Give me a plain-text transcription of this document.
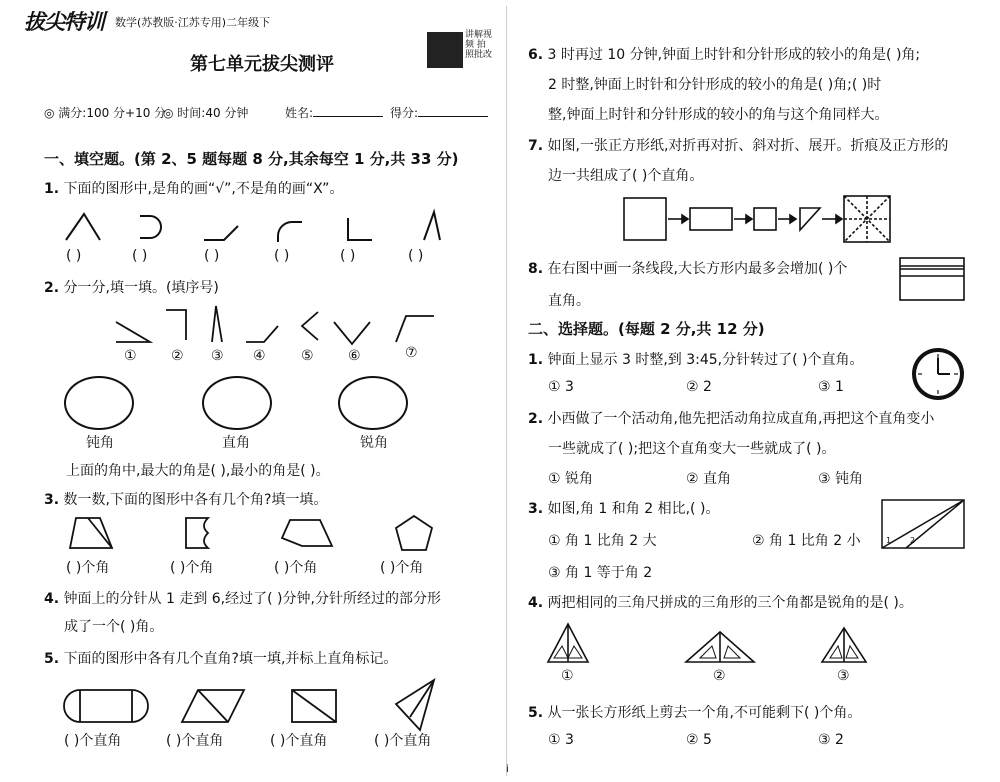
拔尖特训 数学(苏教版·江苏专用)二年级下
第七单元拔尖测评
讲解视频 拍照批改
◎ 满分:100 分+10 分
◎ 时间:40 分钟	姓名:	得分:
一、填空题。(第 2、5 题每题 8 分,其余每空 1 分,共 33 分)
1. 下面的图形中,是角的画“√”,不是角的画“X”。
( )	( )	( )	( )	( )	( )
2. 分一分,填一填。(填序号)
① ② ③ ④	⑤ ⑥	⑦
钝角	直角	锐角
上面的角中,最大的角是( ),最小的角是( )。
3. 数一数,下面的图形中各有几个角?填一填。
( )个角	( )个角	( )个角	( )个角
4. 钟面上的分针从 1 走到 6,经过了( )分钟,分针所经过的部分形
成了一个( )角。
5. 下面的图形中各有几个直角?填一填,并标上直角标记。
( )个直角	( )个直角	( )个直角	( )个直角
i
6. 3 时再过 10 分钟,钟面上时针和分针形成的较小的角是( )角;
2 时整,钟面上时针和分针形成的较小的角是( )角;( )时
整,钟面上时针和分针形成的较小的角与这个角同样大。
7. 如图,一张正方形纸,对折再对折、斜对折、展开。折痕及正方形的
边一共组成了( )个直角。
8. 在右图中画一条线段,大长方形内最多会增加( )个
直角。
二、选择题。(每题 2 分,共 12 分)
1. 钟面上显示 3 时整,到 3:45,分针转过了( )个直角。
① 3	② 2	③ 1
2. 小西做了一个活动角,他先把活动角拉成直角,再把这个直角变小
一些就成了( );把这个直角变大一些就成了( )。
① 锐角	② 直角	③ 钝角
3. 如图,角 1 和角 2 相比,( )。
① 角 1 比角 2 大	② 角 1 比角 2 小
③ 角 1 等于角 2
1 2
4. 两把相同的三角尺拼成的三角形的三个角都是锐角的是( )。
①	②	③
5. 从一张长方形纸上剪去一个角,不可能剩下( )个角。
① 3	② 5	③ 2
